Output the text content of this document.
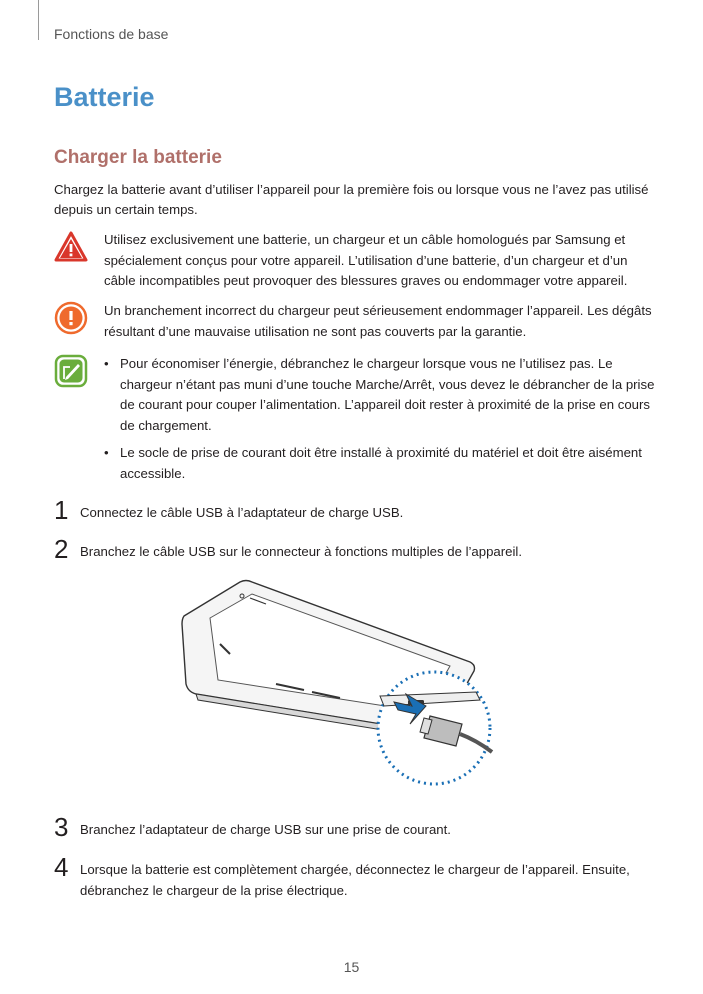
Fonctions de base
Batterie
Charger la batterie

Chargez la batterie avant d’utiliser l’appareil pour la première fois ou lorsque vous ne l’avez pas utilisé depuis un certain temps.

Utilisez exclusivement une batterie, un chargeur et un câble homologués par Samsung et spécialement conçus pour votre appareil. L’utilisation d’une batterie, d’un chargeur et d’un câble incompatibles peut provoquer des blessures graves ou endommager votre appareil.

Un branchement incorrect du chargeur peut sérieusement endommager l’appareil. Les dégâts résultant d’une mauvaise utilisation ne sont pas couverts par la garantie.

• Pour économiser l’énergie, débranchez le chargeur lorsque vous ne l’utilisez pas. Le chargeur n’étant pas muni d’une touche Marche/Arrêt, vous devez le débrancher de la prise de courant pour couper l’alimentation. L’appareil doit rester à proximité de la prise en cours de chargement.
• Le socle de prise de courant doit être installé à proximité du matériel et doit être aisément accessible.
1 Connectez le câble USB à l’adaptateur de charge USB.

2 Branchez le câble USB sur le connecteur à fonctions multiples de l’appareil.

3 Branchez l’adaptateur de charge USB sur une prise de courant.

4 Lorsque la batterie est complètement chargée, déconnectez le chargeur de l’appareil. Ensuite, débranchez le chargeur de la prise électrique.

15
